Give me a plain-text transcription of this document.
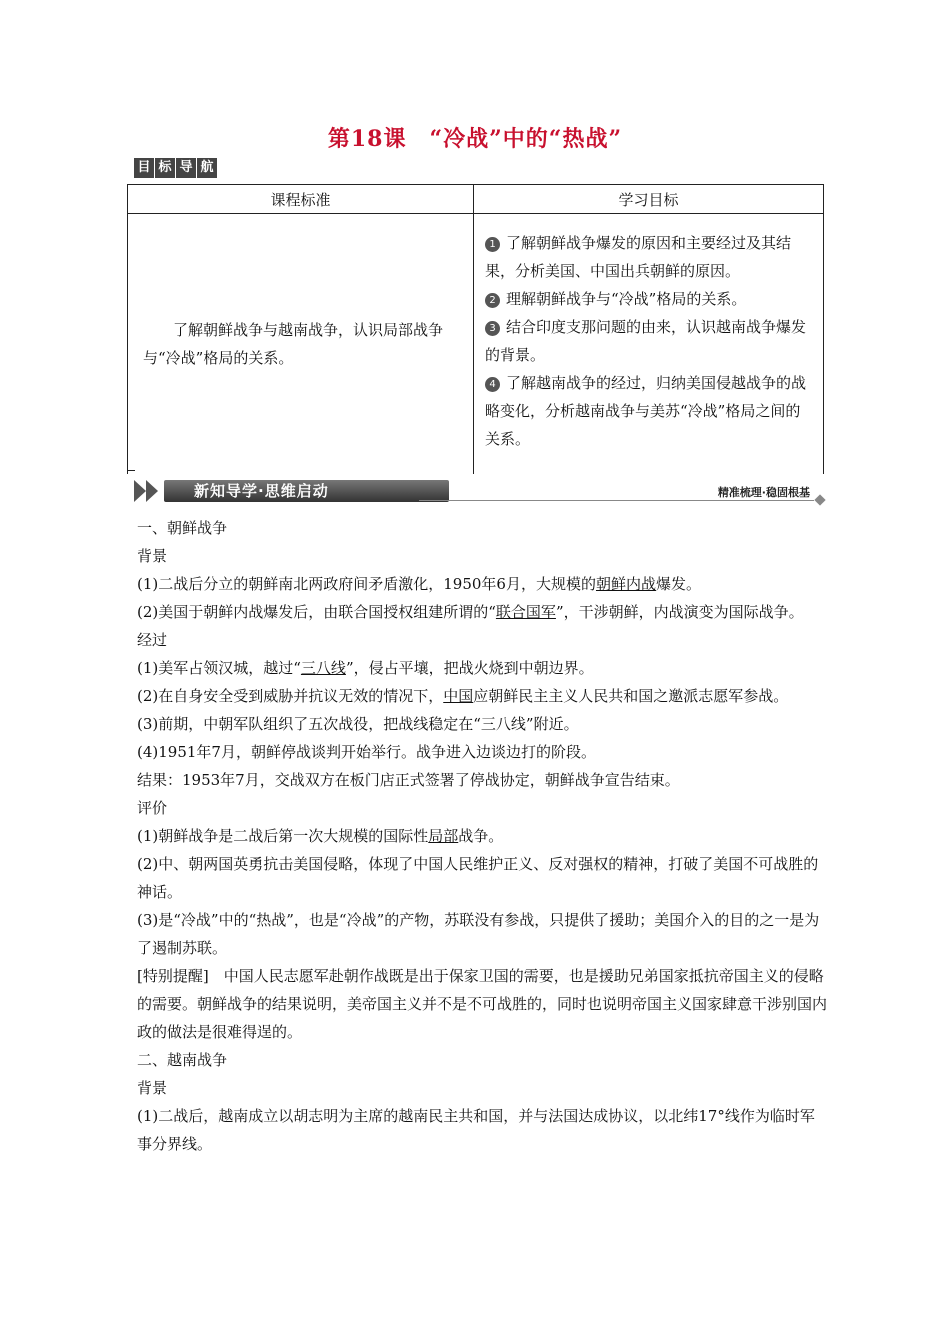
第18课　“冷战”中的“热战”
目 标 导 航
课程标准	学习目标

了解朝鲜战争与越南战争，认识局部战争与“冷战”格局的关系。	1 了解朝鲜战争爆发的原因和主要经过及其结果，分析美国、中国出兵朝鲜的原因。
2 理解朝鲜战争与“冷战”格局的关系。
3 结合印度支那问题的由来，认识越南战争爆发的背景。
4 了解越南战争的经过，归纳美国侵越战争的战略变化，分析越南战争与美苏“冷战”格局之间的关系。
新知导学·思维启动	精准梳理·稳固根基

一、朝鲜战争

背景

(1)二战后分立的朝鲜南北两政府间矛盾激化，1950年6月，大规模的朝鲜内战爆发。

(2)美国于朝鲜内战爆发后，由联合国授权组建所谓的“联合国军”，干涉朝鲜，内战演变为国际战争。

经过

(1)美军占领汉城，越过“三八线”，侵占平壤，把战火烧到中朝边界。

(2)在自身安全受到威胁并抗议无效的情况下，中国应朝鲜民主主义人民共和国之邀派志愿军参战。

(3)前期，中朝军队组织了五次战役，把战线稳定在“三八线”附近。

(4)1951年7月，朝鲜停战谈判开始举行。战争进入边谈边打的阶段。

结果：1953年7月，交战双方在板门店正式签署了停战协定，朝鲜战争宣告结束。

评价

(1)朝鲜战争是二战后第一次大规模的国际性局部战争。

(2)中、朝两国英勇抗击美国侵略，体现了中国人民维护正义、反对强权的精神，打破了美国不可战胜的神话。

(3)是“冷战”中的“热战”，也是“冷战”的产物，苏联没有参战，只提供了援助；美国介入的目的之一是为了遏制苏联。

[特别提醒]　中国人民志愿军赴朝作战既是出于保家卫国的需要，也是援助兄弟国家抵抗帝国主义的侵略的需要。朝鲜战争的结果说明，美帝国主义并不是不可战胜的，同时也说明帝国主义国家肆意干涉别国内政的做法是很难得逞的。

二、越南战争

背景

(1)二战后，越南成立以胡志明为主席的越南民主共和国，并与法国达成协议，以北纬17°线作为临时军事分界线。
